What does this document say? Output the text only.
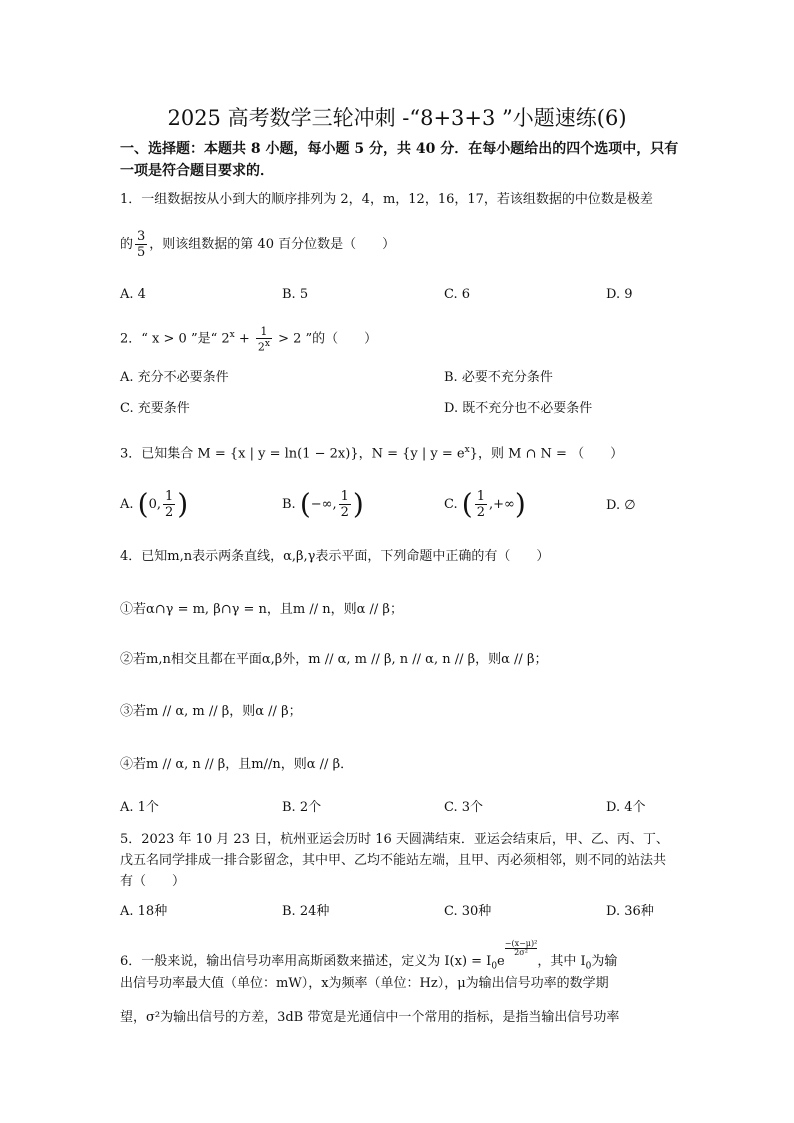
2025 高考数学三轮冲刺 -“8+3+3 ”小题速练(6)
一、选择题：本题共 8 小题，每小题 5 分，共 40 分．在每小题给出的四个选项中，只有一项是符合题目要求的．
1．一组数据按从小到大的顺序排列为 2，4，m，12，16，17，若该组数据的中位数是极差
的 $\frac{3}{5}$ ，则该组数据的第 40 百分位数是（　　）
A. 4	B. 5	C. 6	D. 9
2．“ x > 0 ”是“ $2^x + \frac{1}{2^x} > 2$ ”的（　　）
A. 充分不必要条件	B. 必要不充分条件
C. 充要条件	D. 既不充分也不必要条件
3．已知集合 M = {x | y = ln(1 − 2x)}，N = {y | $y = e^x$}，则 M ∩ N = （　　）
A. (0, $\frac{1}{2}$ )	B. (−∞, $\frac{1}{2}$ )	C. ( $\frac{1}{2}$ ,+∞)	D. ∅
4．已知m,n表示两条直线，α,β,γ表示平面，下列命题中正确的有（　　）
①若α∩γ = m, β∩γ = n，且m // n，则α // β；
②若m,n相交且都在平面α,β外，m // α, m // β, n // α, n // β，则α // β；
③若m // α, m // β，则α // β；
④若m // α, n // β，且m//n，则α // β．
A. 1个	B. 2个	C. 3个	D. 4个
5．2023 年 10 月 23 日，杭州亚运会历时 16 天圆满结束．亚运会结束后，甲、乙、丙、丁、戊五名同学排成一排合影留念，其中甲、乙均不能站左端，且甲、丙必须相邻，则不同的站法共有（　　）
A. 18种	B. 24种	C. 30种	D. 36种
6．一般来说，输出信号功率用高斯函数来描述，定义为 $I(x) = I_0e$
$^{\frac{\text{−(x−μ)²}}{\text{2σ²}}}$
，其中 $I_0$为输
出信号功率最大值（单位：mW），x为频率（单位：Hz），μ为输出信号功率的数学期
望，σ²为输出信号的方差，3dB 带宽是光通信中一个常用的指标，是指当输出信号功率
